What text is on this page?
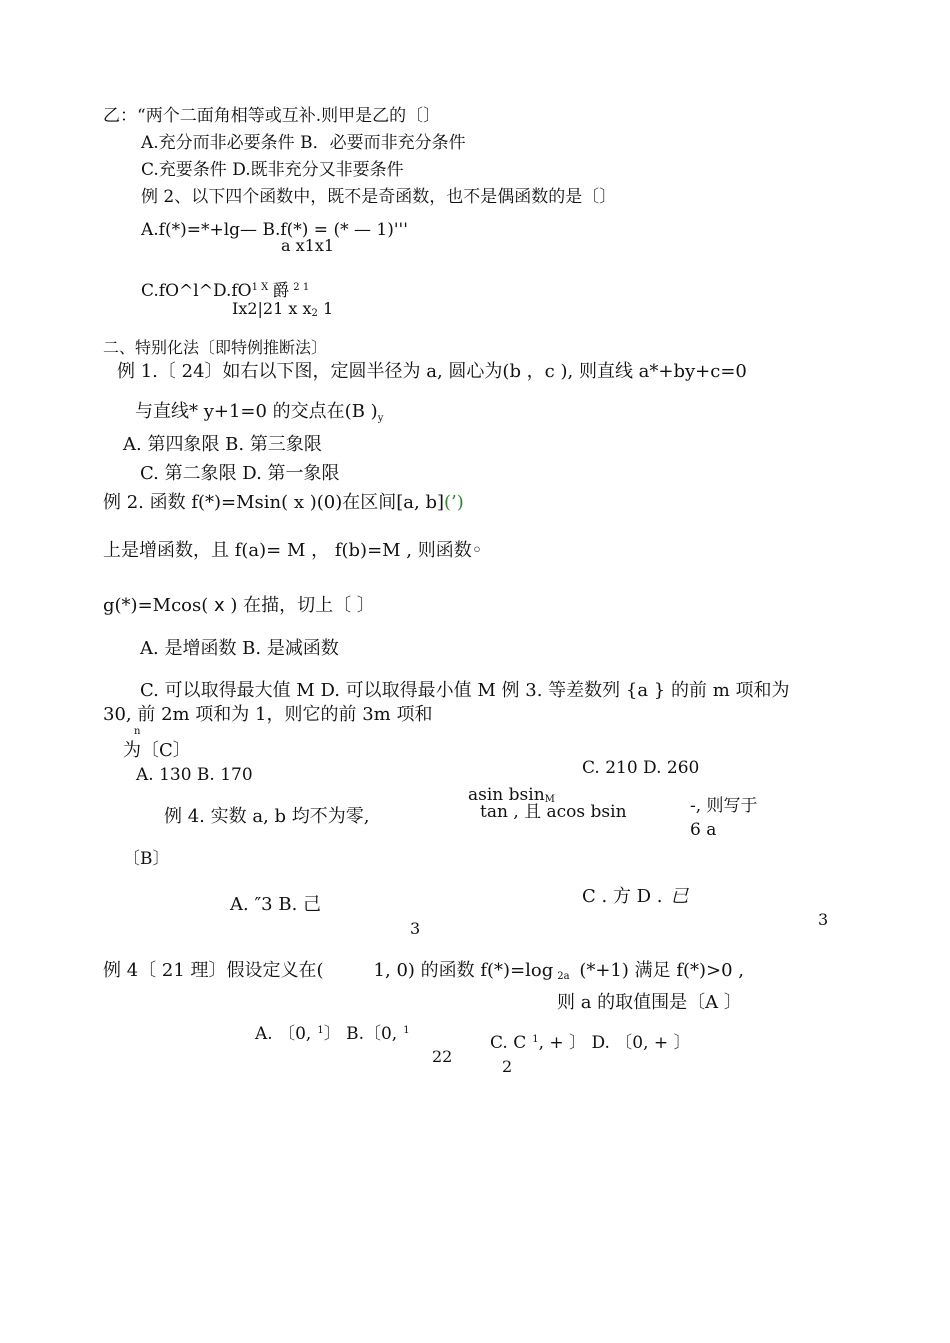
乙：“两个二面角相等或互补.则甲是乙的〔〕
A.充分而非必要条件 B．必要而非充分条件
C.充要条件 D.既非充分又非要条件
例 2、以下四个函数中，既不是奇函数，也不是偶函数的是〔〕
A.f(*)=*+lg— B.f(*) = (* — 1)'''
a x1x1
$C.fO\^{}l\^{}D.fO^{1 X}$ 爵 $^{2 1}$
Ix2|21 x x2 1
二、特别化法〔即特例推断法〕
例 1.〔 24〕如右以下图，定圆半径为 a, 圆心为(b ，c ), 则直线 a*+by+c=0
与直线* y+1=0 的交点在(B )$_y$
A. 第四象限 B. 第三象限
C. 第二象限 D. 第一象限
例 2. 函数 f(*)=Msin( x )(0)在区间[a, b](’)
上是增函数，且 f(a)= M ， f(b)=M , 则函数◦
g(*)=Mcos( x ) 在描，切上〔 〕
A. 是增函数 B. 是减函数
C. 可以取得最大值 M D. 可以取得最小值 M 例 3. 等差数列 {a } 的前 m 项和为
30, 前 2m 项和为 1，则它的前 3m 项和
n
为〔C〕
A. 130 B. 170	C. 210 D. 260
asin bsinM
例 4. 实数 a, b 均不为零,	tan , 且 acos bsin	-, 则写于
6 a
〔B〕
A. ″3 B. 己	C . 方 D . 已
3	3
例 4〔 21 理〕假设定义在(	1, 0) 的函数 f(*)=log 2a (*+1) 满足 f(*)>0 ,
则 a 的取值围是〔A 〕
A. 〔0, $^1$〕 B.〔0, $^1$
22
C. C $^1$, + 〕 D. 〔0, + 〕
2
